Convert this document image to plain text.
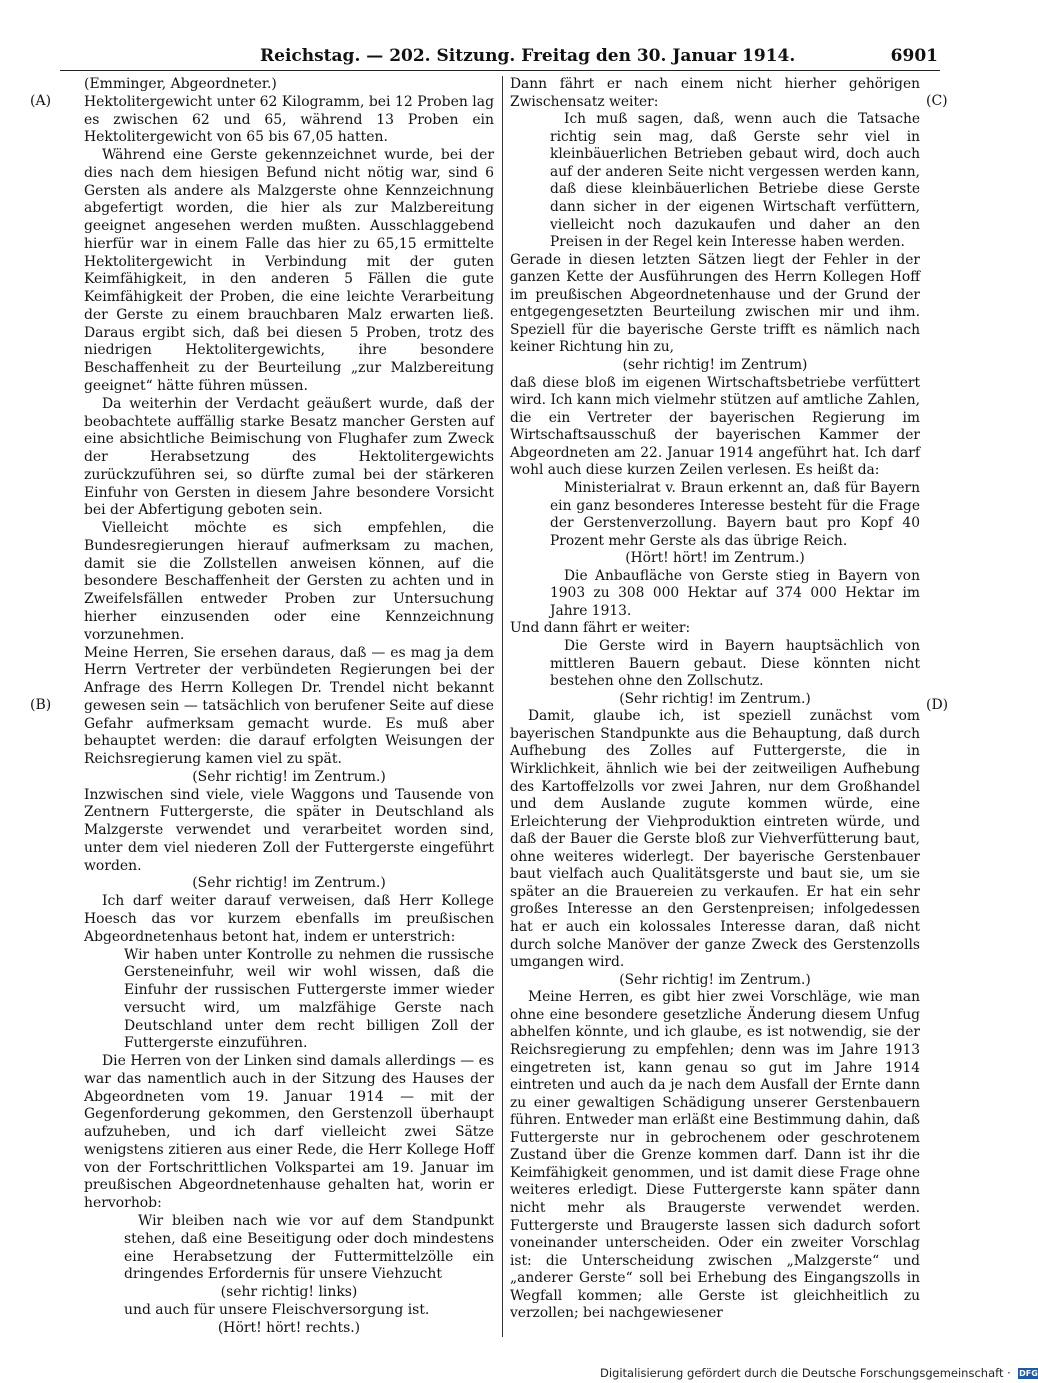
Reichstag. — 202. Sitzung. Freitag den 30. Januar 1914.	6901
(A)
(B)
(C)
(D)

(Emminger, Abgeordneter.)

Hektolitergewicht unter 62 Kilogramm, bei 12 Proben lag es zwischen 62 und 65, während 13 Proben ein Hektolitergewicht von 65 bis 67,05 hatten.

Während eine Gerste gekennzeichnet wurde, bei der dies nach dem hiesigen Befund nicht nötig war, sind 6 Gersten als andere als Malzgerste ohne Kennzeichnung abgefertigt worden, die hier als zur Malzbereitung geeignet angesehen werden mußten. Ausschlaggebend hierfür war in einem Falle das hier zu 65,15 ermittelte Hektolitergewicht in Verbindung mit der guten Keimfähigkeit, in den anderen 5 Fällen die gute Keimfähigkeit der Proben, die eine leichte Verarbeitung der Gerste zu einem brauchbaren Malz erwarten ließ. Daraus ergibt sich, daß bei diesen 5 Proben, trotz des niedrigen Hektolitergewichts, ihre besondere Beschaffenheit zu der Beurteilung „zur Malzbereitung geeignet“ hätte führen müssen.

Da weiterhin der Verdacht geäußert wurde, daß der beobachtete auffällig starke Besatz mancher Gersten auf eine absichtliche Beimischung von Flughafer zum Zweck der Herabsetzung des Hektolitergewichts zurückzuführen sei, so dürfte zumal bei der stärkeren Einfuhr von Gersten in diesem Jahre besondere Vorsicht bei der Abfertigung geboten sein.

Vielleicht möchte es sich empfehlen, die Bundesregierungen hierauf aufmerksam zu machen, damit sie die Zollstellen anweisen können, auf die besondere Beschaffenheit der Gersten zu achten und in Zweifelsfällen entweder Proben zur Untersuchung hierher einzusenden oder eine Kennzeichnung vorzunehmen.

Meine Herren, Sie ersehen daraus, daß — es mag ja dem Herrn Vertreter der verbündeten Regierungen bei der Anfrage des Herrn Kollegen Dr. Trendel nicht bekannt gewesen sein — tatsächlich von berufener Seite auf diese Gefahr aufmerksam gemacht wurde. Es muß aber behauptet werden: die darauf erfolgten Weisungen der Reichsregierung kamen viel zu spät.

(Sehr richtig! im Zentrum.)

Inzwischen sind viele, viele Waggons und Tausende von Zentnern Futtergerste, die später in Deutschland als Malzgerste verwendet und verarbeitet worden sind, unter dem viel niederen Zoll der Futtergerste eingeführt worden.

(Sehr richtig! im Zentrum.)

Ich darf weiter darauf verweisen, daß Herr Kollege Hoesch das vor kurzem ebenfalls im preußischen Abgeordnetenhaus betont hat, indem er unterstrich:

Wir haben unter Kontrolle zu nehmen die russische Gersteneinfuhr, weil wir wohl wissen, daß die Einfuhr der russischen Futtergerste immer wieder versucht wird, um malzfähige Gerste nach Deutschland unter dem recht billigen Zoll der Futtergerste einzuführen.

Die Herren von der Linken sind damals allerdings — es war das namentlich auch in der Sitzung des Hauses der Abgeordneten vom 19. Januar 1914 — mit der Gegenforderung gekommen, den Gerstenzoll überhaupt aufzuheben, und ich darf vielleicht zwei Sätze wenigstens zitieren aus einer Rede, die Herr Kollege Hoff von der Fortschrittlichen Volkspartei am 19. Januar im preußischen Abgeordnetenhause gehalten hat, worin er hervorhob:

Wir bleiben nach wie vor auf dem Standpunkt stehen, daß eine Beseitigung oder doch mindestens eine Herabsetzung der Futtermittelzölle ein dringendes Erfordernis für unsere Viehzucht

(sehr richtig! links)

und auch für unsere Fleischversorgung ist.

(Hört! hört! rechts.)

Dann fährt er nach einem nicht hierher gehörigen Zwischensatz weiter:

Ich muß sagen, daß, wenn auch die Tatsache richtig sein mag, daß Gerste sehr viel in kleinbäuerlichen Betrieben gebaut wird, doch auch auf der anderen Seite nicht vergessen werden kann, daß diese kleinbäuerlichen Betriebe diese Gerste dann sicher in der eigenen Wirtschaft verfüttern, vielleicht noch dazukaufen und daher an den Preisen in der Regel kein Interesse haben werden.

Gerade in diesen letzten Sätzen liegt der Fehler in der ganzen Kette der Ausführungen des Herrn Kollegen Hoff im preußischen Abgeordnetenhause und der Grund der entgegengesetzten Beurteilung zwischen mir und ihm. Speziell für die bayerische Gerste trifft es nämlich nach keiner Richtung hin zu,

(sehr richtig! im Zentrum)

daß diese bloß im eigenen Wirtschaftsbetriebe verfüttert wird. Ich kann mich vielmehr stützen auf amtliche Zahlen, die ein Vertreter der bayerischen Regierung im Wirtschaftsausschuß der bayerischen Kammer der Abgeordneten am 22. Januar 1914 angeführt hat. Ich darf wohl auch diese kurzen Zeilen verlesen. Es heißt da:

Ministerialrat v. Braun erkennt an, daß für Bayern ein ganz besonderes Interesse besteht für die Frage der Gerstenverzollung. Bayern baut pro Kopf 40 Prozent mehr Gerste als das übrige Reich.

(Hört! hört! im Zentrum.)

Die Anbaufläche von Gerste stieg in Bayern von 1903 zu 308 000 Hektar auf 374 000 Hektar im Jahre 1913.

Und dann fährt er weiter:

Die Gerste wird in Bayern hauptsächlich von mittleren Bauern gebaut. Diese könnten nicht bestehen ohne den Zollschutz.

(Sehr richtig! im Zentrum.)

Damit, glaube ich, ist speziell zunächst vom bayerischen Standpunkte aus die Behauptung, daß durch Aufhebung des Zolles auf Futtergerste, die in Wirklichkeit, ähnlich wie bei der zeitweiligen Aufhebung des Kartoffelzolls vor zwei Jahren, nur dem Großhandel und dem Auslande zugute kommen würde, eine Erleichterung der Viehproduktion eintreten würde, und daß der Bauer die Gerste bloß zur Viehverfütterung baut, ohne weiteres widerlegt. Der bayerische Gerstenbauer baut vielfach auch Qualitätsgerste und baut sie, um sie später an die Brauereien zu verkaufen. Er hat ein sehr großes Interesse an den Gerstenpreisen; infolgedessen hat er auch ein kolossales Interesse daran, daß nicht durch solche Manöver der ganze Zweck des Gerstenzolls umgangen wird.

(Sehr richtig! im Zentrum.)

Meine Herren, es gibt hier zwei Vorschläge, wie man ohne eine besondere gesetzliche Änderung diesem Unfug abhelfen könnte, und ich glaube, es ist notwendig, sie der Reichsregierung zu empfehlen; denn was im Jahre 1913 eingetreten ist, kann genau so gut im Jahre 1914 eintreten und auch da je nach dem Ausfall der Ernte dann zu einer gewaltigen Schädigung unserer Gerstenbauern führen. Entweder man erläßt eine Bestimmung dahin, daß Futtergerste nur in gebrochenem oder geschrotenem Zustand über die Grenze kommen darf. Dann ist ihr die Keimfähigkeit genommen, und ist damit diese Frage ohne weiteres erledigt. Diese Futtergerste kann später dann nicht mehr als Braugerste verwendet werden. Futtergerste und Braugerste lassen sich dadurch sofort voneinander unterscheiden. Oder ein zweiter Vorschlag ist: die Unterscheidung zwischen „Malzgerste“ und „anderer Gerste“ soll bei Erhebung des Eingangszolls in Wegfall kommen; alle Gerste ist gleichheitlich zu verzollen; bei nachgewiesener

Digitalisierung gefördert durch die Deutsche Forschungsgemeinschaft · DFG
